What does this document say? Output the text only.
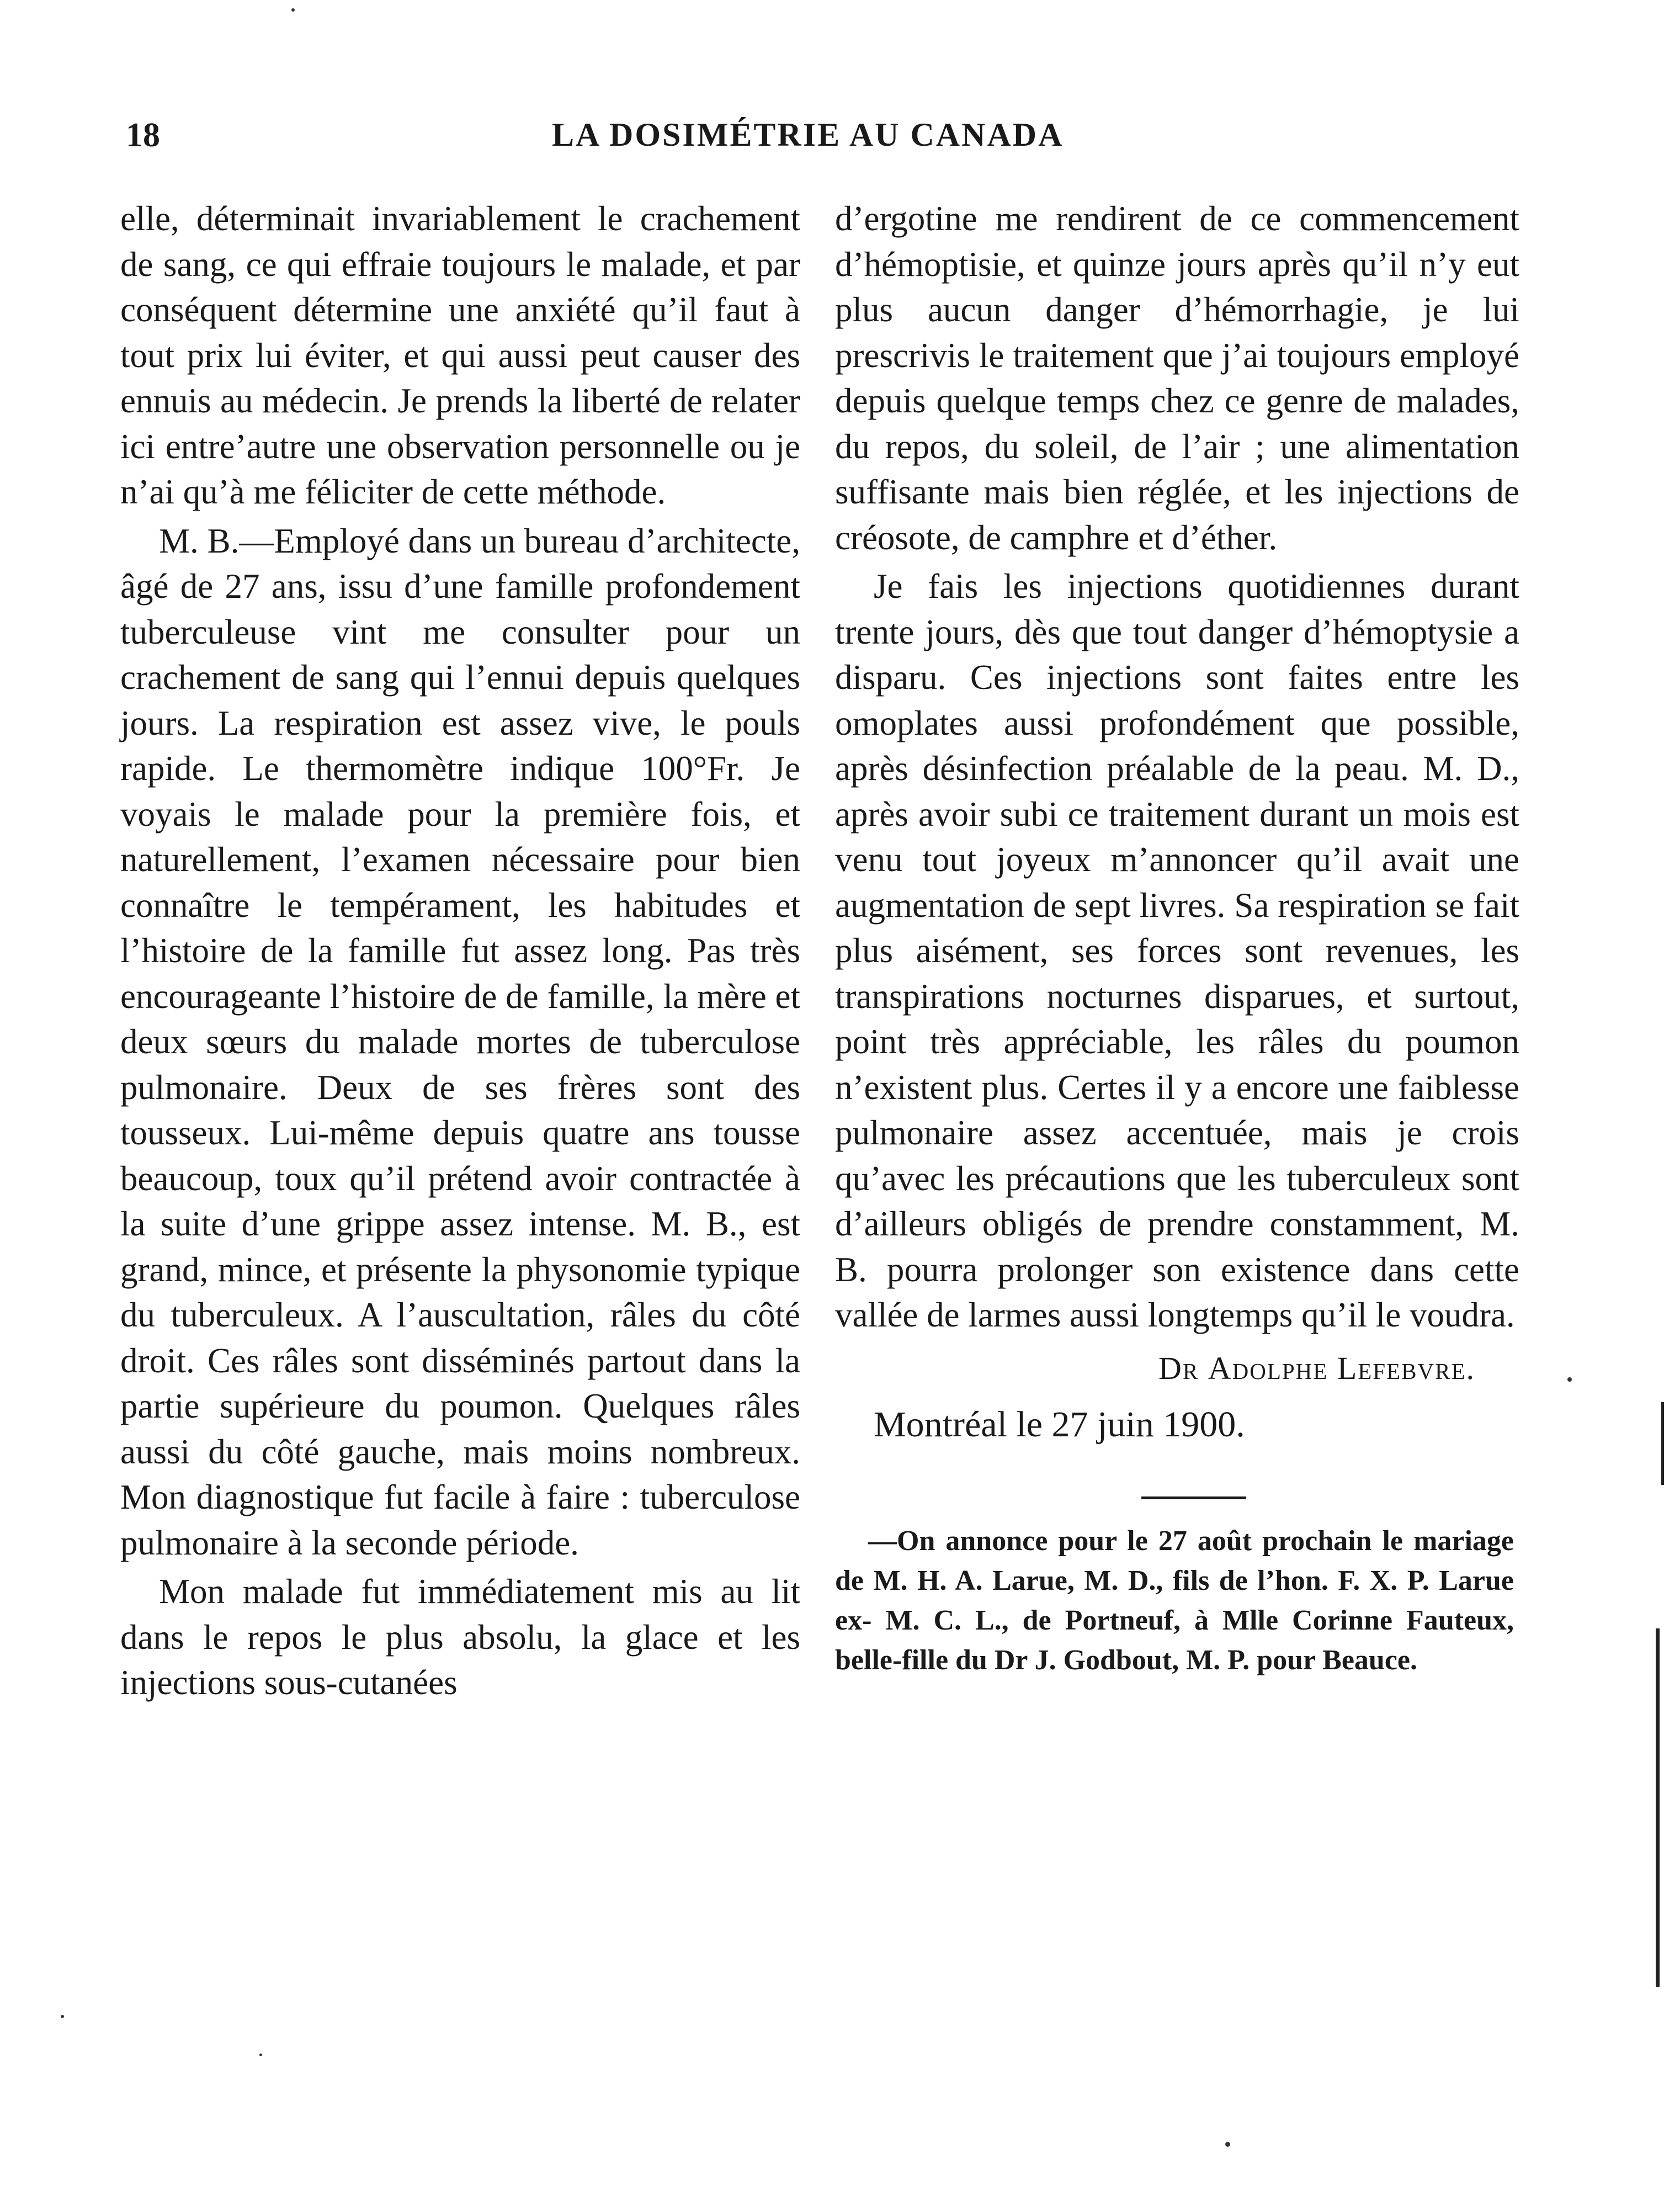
18	LA DOSIMÉTRIE AU CANADA

elle, déterminait invariablement le crachement de sang, ce qui effraie toujours le malade, et par conséquent détermine une anxiété qu’il faut à tout prix lui éviter, et qui aussi peut causer des ennuis au médecin. Je prends la liberté de relater ici entre’autre une observation personnelle ou je n’ai qu’à me féliciter de cette méthode.

M. B.—Employé dans un bureau d’architecte, âgé de 27 ans, issu d’une famille profondement tuberculeuse vint me consulter pour un crachement de sang qui l’ennui depuis quelques jours. La respiration est assez vive, le pouls rapide. Le thermomètre indique 100°Fr. Je voyais le malade pour la première fois, et naturellement, l’examen nécessaire pour bien connaître le tempérament, les habitudes et l’histoire de la famille fut assez long. Pas très encourageante l’histoire de de famille, la mère et deux sœurs du malade mortes de tuberculose pulmonaire. Deux de ses frères sont des tousseux. Lui-même depuis quatre ans tousse beaucoup, toux qu’il prétend avoir contractée à la suite d’une grippe assez intense. M. B., est grand, mince, et présente la physonomie typique du tuberculeux. A l’auscultation, râles du côté droit. Ces râles sont disséminés partout dans la partie supérieure du poumon. Quelques râles aussi du côté gauche, mais moins nombreux. Mon diagnostique fut facile à faire : tuberculose pulmonaire à la seconde période.

Mon malade fut immédiatement mis au lit dans le repos le plus absolu, la glace et les injections sous-cutanées

d’ergotine me rendirent de ce commencement d’hémoptisie, et quinze jours après qu’il n’y eut plus aucun danger d’hémorrhagie, je lui prescrivis le traitement que j’ai toujours employé depuis quelque temps chez ce genre de malades, du repos, du soleil, de l’air ; une alimentation suffisante mais bien réglée, et les injections de créosote, de camphre et d’éther.

Je fais les injections quotidiennes durant trente jours, dès que tout danger d’hémoptysie a disparu. Ces injections sont faites entre les omoplates aussi profondément que possible, après désinfection préalable de la peau. M. D., après avoir subi ce traitement durant un mois est venu tout joyeux m’annoncer qu’il avait une augmentation de sept livres. Sa respiration se fait plus aisément, ses forces sont revenues, les transpirations nocturnes disparues, et surtout, point très appréciable, les râles du poumon n’existent plus. Certes il y a encore une faiblesse pulmonaire assez accentuée, mais je crois qu’avec les précautions que les tuberculeux sont d’ailleurs obligés de prendre constamment, M. B. pourra prolonger son existence dans cette vallée de larmes aussi longtemps qu’il le voudra.

Dr Adolphe Lefebvre.
Montréal le 27 juin 1900.

—On annonce pour le 27 août prochain le mariage de M. H. A. Larue, M. D., fils de l’hon. F. X. P. Larue ex- M. C. L., de Portneuf, à Mlle Corinne Fauteux, belle-fille du Dr J. Godbout, M. P. pour Beauce.
